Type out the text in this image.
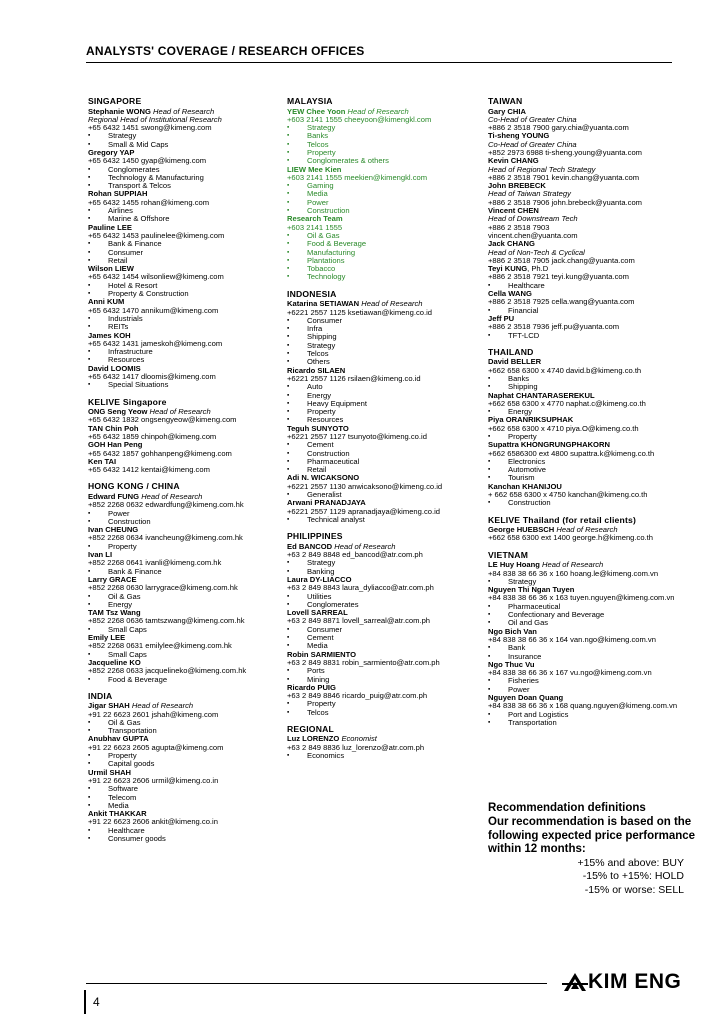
ANALYSTS' COVERAGE / RESEARCH OFFICES
SINGAPORE
Stephanie WONG Head of Research
Regional Head of Institutional Research
+65 6432 1451 swong@kimeng.com
▪ Strategy
▪ Small & Mid Caps
Gregory YAP
+65 6432 1450 gyap@kimeng.com
▪ Conglomerates
▪ Technology & Manufacturing
▪ Transport & Telcos
Rohan SUPPIAH
+65 6432 1455 rohan@kimeng.com
▪ Airlines
▪ Marine & Offshore
Pauline LEE
+65 6432 1453 paulinelee@kimeng.com
▪ Bank & Finance
▪ Consumer
▪ Retail
Wilson LIEW
+65 6432 1454 wilsonliew@kimeng.com
▪ Hotel & Resort
▪ Property & Construction
Anni KUM
+65 6432 1470 annikum@kimeng.com
▪ Industrials
▪ REITs
James KOH
+65 6432 1431 jameskoh@kimeng.com
▪ Infrastructure
▪ Resources
David LOOMIS
+65 6432 1417 dloomis@kimeng.com
▪ Special Situations
KELIVE Singapore
ONG Seng Yeow Head of Research
+65 6432 1832 ongsengyeow@kimeng.com
TAN Chin Poh
+65 6432 1859 chinpoh@kimeng.com
GOH Han Peng
+65 6432 1857 gohhanpeng@kimeng.com
Ken TAI
+65 6432 1412 kentai@kimeng.com
HONG KONG / CHINA
Edward FUNG Head of Research
+852 2268 0632 edwardfung@kimeng.com.hk
▪ Power
▪ Construction
Ivan CHEUNG
+852 2268 0634 ivancheung@kimeng.com.hk
▪ Property
Ivan LI
+852 2268 0641 ivanli@kimeng.com.hk
▪ Bank & Finance
Larry GRACE
+852 2268 0630 larrygrace@kimeng.com.hk
▪ Oil & Gas
▪ Energy
TAM Tsz Wang
+852 2268 0636 tamtszwang@kimeng.com.hk
▪ Small Caps
Emily LEE
+852 2268 0631 emilylee@kimeng.com.hk
▪ Small Caps
Jacqueline KO
+852 2268 0633 jacquelineko@kimeng.com.hk
▪ Food & Beverage
INDIA
Jigar SHAH Head of Research
+91 22 6623 2601 jshah@kimeng.com
▪ Oil & Gas
▪ Transportation
Anubhav GUPTA
+91 22 6623 2605 agupta@kimeng.com
▪ Property
▪ Capital goods
Urmil SHAH
+91 22 6623 2606 urmil@kimeng.co.in
▪ Software
▪ Telecom
▪ Media
Ankit THAKKAR
+91 22 6623 2606 ankit@kimeng.co.in
▪ Healthcare
▪ Consumer goods
MALAYSIA
YEW Chee Yoon Head of Research
+603 2141 1555 cheeyoon@kimengkl.com
▪ Strategy
▪ Banks
▪ Telcos
▪ Property
▪ Conglomerates & others
LIEW Mee Kien
+603 2141 1555 meekien@kimengkl.com
▪ Gaming
▪ Media
▪ Power
▪ Construction
Research Team
+603 2141 1555
▪ Oil & Gas
▪ Food & Beverage
▪ Manufacturing
▪ Plantations
▪ Tobacco
▪ Technology
INDONESIA
Katarina SETIAWAN Head of Research
+6221 2557 1125 ksetiawan@kimeng.co.id
▪ Consumer
▪ Infra
▪ Shipping
▪ Strategy
▪ Telcos
▪ Others
Ricardo SILAEN
+6221 2557 1126 rsilaen@kimeng.co.id
▪ Auto
▪ Energy
▪ Heavy Equipment
▪ Property
▪ Resources
Teguh SUNYOTO
+6221 2557 1127 tsunyoto@kimeng.co.id
▪ Cement
▪ Construction
▪ Pharmaceutical
▪ Retail
Adi N. WICAKSONO
+6221 2557 1130 anwicaksono@kimeng.co.id
▪ Generalist
Arwani PRANADJAYA
+6221 2557 1129 apranadjaya@kimeng.co.id
▪ Technical analyst
PHILIPPINES
Ed BANCOD Head of Research
+63 2 849 8848 ed_bancod@atr.com.ph
▪ Strategy
▪ Banking
Laura DY-LIACCO
+63 2 849 8843 laura_dyliacco@atr.com.ph
▪ Utilities
▪ Conglomerates
Lovell SARREAL
+63 2 849 8871 lovell_sarreal@atr.com.ph
▪ Consumer
▪ Cement
▪ Media
Robin SARMIENTO
+63 2 849 8831 robin_sarmiento@atr.com.ph
▪ Ports
▪ Mining
Ricardo PUIG
+63 2 849 8846 ricardo_puig@atr.com.ph
▪ Property
▪ Telcos
REGIONAL
Luz LORENZO Economist
+63 2 849 8836 luz_lorenzo@atr.com.ph
▪ Economics
TAIWAN
Gary CHIA
Co-Head of Greater China
+886 2 3518 7900 gary.chia@yuanta.com
Ti-sheng YOUNG
Co-Head of Greater China
+852 2973 6988 ti-sheng.young@yuanta.com
Kevin CHANG
Head of Regional Tech Strategy
+886 2 3518 7901 kevin.chang@yuanta.com
John BREBECK
Head of Taiwan Strategy
+886 2 3518 7906 john.brebeck@yuanta.com
Vincent CHEN
Head of Downstream Tech
+886 2 3518 7903
vincent.chen@yuanta.com
Jack CHANG
Head of Non-Tech & Cyclical
+886 2 3518 7905 jack.chang@yuanta.com
Teyi KUNG, Ph.D
+886 2 3518 7921 teyi.kung@yuanta.com
▪ Healthcare
Cella WANG
+886 2 3518 7925 cella.wang@yuanta.com
▪ Financial
Jeff PU
+886 2 3518 7936 jeff.pu@yuanta.com
▪ TFT-LCD
THAILAND
David BELLER
+662 658 6300 x 4740 david.b@kimeng.co.th
▪ Banks
▪ Shipping
Naphat CHANTARASEREKUL
+662 658 6300 x 4770 naphat.c@kimeng.co.th
▪ Energy
Piya ORANRIKSUPHAK
+662 658 6300 x 4710 piya.O@kimeng.co.th
▪ Property
Supattra KHONGRUNGPHAKORN
+662 6586300 ext 4800 supattra.k@kimeng.co.th
▪ Electronics
▪ Automotive
▪ Tourism
Kanchan KHANIJOU
+ 662 658 6300 x 4750 kanchan@kimeng.co.th
▪ Construction
KELIVE Thailand (for retail clients)
George HUEBSCH Head of Research
+662 658 6300 ext 1400 george.h@kimeng.co.th
VIETNAM
LE Huy Hoang Head of Research
+84 838 38 66 36 x 160 hoang.le@kimeng.com.vn
▪ Strategy
Nguyen Thi Ngan Tuyen
+84 838 38 66 36 x 163 tuyen.nguyen@kimeng.com.vn
▪ Pharmaceutical
▪ Confectionary and Beverage
▪ Oil and Gas
Ngo Bich Van
+84 838 38 66 36 x 164 van.ngo@kimeng.com.vn
▪ Bank
▪ Insurance
Ngo Thuc Vu
+84 838 38 66 36 x 167 vu.ngo@kimeng.com.vn
▪ Fisheries
▪ Power
Nguyen Doan Quang
+84 838 38 66 36 x 168 quang.nguyen@kimeng.com.vn
▪ Port and Logistics
▪ Transportation
Recommendation definitions
Our recommendation is based on the following expected price performance within 12 months:
+15% and above: BUY
-15% to +15%: HOLD
-15% or worse: SELL
KIM ENG
4
